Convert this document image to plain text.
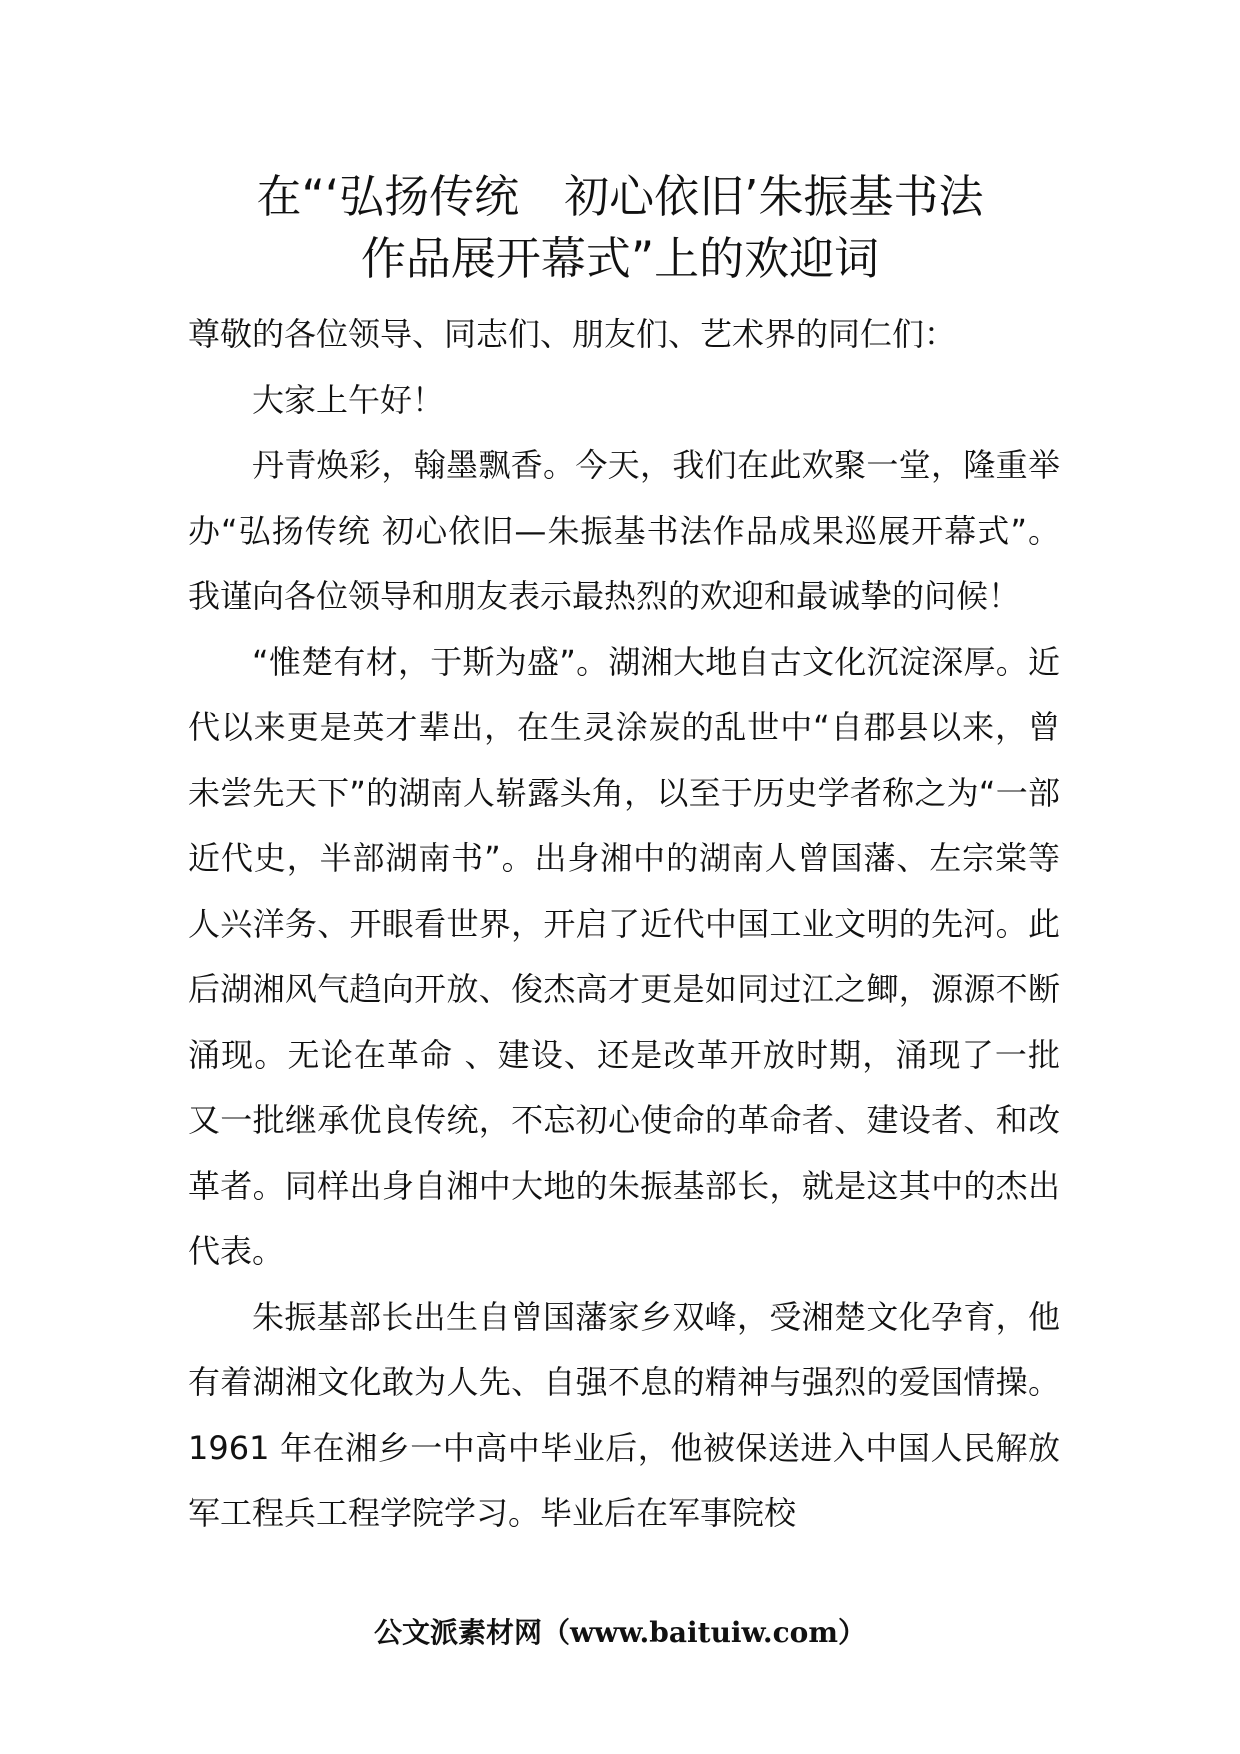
在“‘弘扬传统　初心依旧’朱振基书法
作品展开幕式”上的欢迎词

尊敬的各位领导、同志们、朋友们、艺术界的同仁们：

大家上午好！

丹青焕彩，翰墨飘香。今天，我们在此欢聚一堂，隆重举办“弘扬传统 初心依旧—朱振基书法作品成果巡展开幕式”。我谨向各位领导和朋友表示最热烈的欢迎和最诚挚的问候！

“惟楚有材，于斯为盛”。湖湘大地自古文化沉淀深厚。近代以来更是英才辈出，在生灵涂炭的乱世中“自郡县以来，曾未尝先天下”的湖南人崭露头角，以至于历史学者称之为“一部近代史，半部湖南书”。出身湘中的湖南人曾国藩、左宗棠等人兴洋务、开眼看世界，开启了近代中国工业文明的先河。此后湖湘风气趋向开放、俊杰高才更是如同过江之鲫，源源不断涌现。无论在革命 、建设、还是改革开放时期，涌现了一批又一批继承优良传统，不忘初心使命的革命者、建设者、和改革者。同样出身自湘中大地的朱振基部长，就是这其中的杰出代表。

朱振基部长出生自曾国藩家乡双峰，受湘楚文化孕育，他有着湖湘文化敢为人先、自强不息的精神与强烈的爱国情操。1961 年在湘乡一中高中毕业后，他被保送进入中国人民解放军工程兵工程学院学习。毕业后在军事院校

公文派素材网（www.baituiw.com）
